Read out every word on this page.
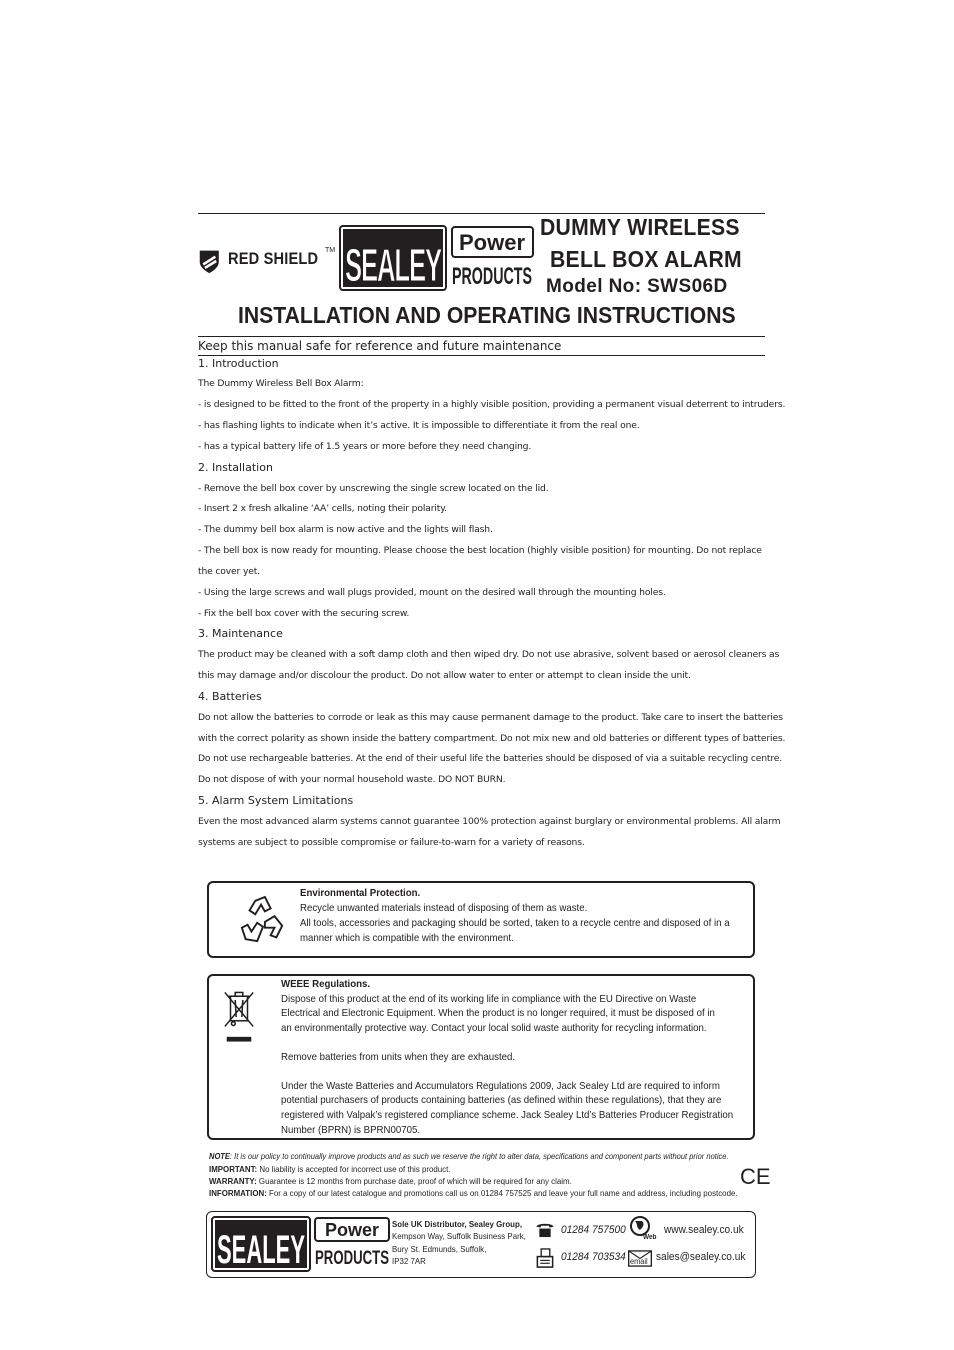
RED SHIELD TM SEALEY Power
PRODUCTS
DUMMY WIRELESS
BELL BOX ALARM
Model No: SWS06D
INSTALLATION AND OPERATING INSTRUCTIONS
Keep this manual safe for reference and future maintenance
1. Introduction
The Dummy Wireless Bell Box Alarm:
- is designed to be fitted to the front of the property in a highly visible position, providing a permanent visual deterrent to intruders.
- has flashing lights to indicate when it’s active. It is impossible to differentiate it from the real one.
- has a typical battery life of 1.5 years or more before they need changing.
2. Installation
- Remove the bell box cover by unscrewing the single screw located on the lid.
- Insert 2 x fresh alkaline ‘AA’ cells, noting their polarity.
- The dummy bell box alarm is now active and the lights will flash.
- The bell box is now ready for mounting. Please choose the best location (highly visible position) for mounting. Do not replace
the cover yet.
- Using the large screws and wall plugs provided, mount on the desired wall through the mounting holes.
- Fix the bell box cover with the securing screw.
3. Maintenance
The product may be cleaned with a soft damp cloth and then wiped dry. Do not use abrasive, solvent based or aerosol cleaners as
this may damage and/or discolour the product. Do not allow water to enter or attempt to clean inside the unit.
4. Batteries
Do not allow the batteries to corrode or leak as this may cause permanent damage to the product. Take care to insert the batteries
with the correct polarity as shown inside the battery compartment. Do not mix new and old batteries or different types of batteries.
Do not use rechargeable batteries. At the end of their useful life the batteries should be disposed of via a suitable recycling centre.
Do not dispose of with your normal household waste. DO NOT BURN.
5. Alarm System Limitations
Even the most advanced alarm systems cannot guarantee 100% protection against burglary or environmental problems. All alarm
systems are subject to possible compromise or failure-to-warn for a variety of reasons.
Environmental Protection.
Recycle unwanted materials instead of disposing of them as waste.
All tools, accessories and packaging should be sorted, taken to a recycle centre and disposed of in a
manner which is compatible with the environment.
WEEE Regulations.
Dispose of this product at the end of its working life in compliance with the EU Directive on Waste
Electrical and Electronic Equipment. When the product is no longer required, it must be disposed of in
an environmentally protective way. Contact your local solid waste authority for recycling information.
Remove batteries from units when they are exhausted.
Under the Waste Batteries and Accumulators Regulations 2009, Jack Sealey Ltd are required to inform
potential purchasers of products containing batteries (as defined within these regulations), that they are
registered with Valpak’s registered compliance scheme. Jack Sealey Ltd’s Batteries Producer Registration
Number (BPRN) is BPRN00705.
NOTE: It is our policy to continually improve products and as such we reserve the right to alter data, specifications and component parts without prior notice.
IMPORTANT: No liability is accepted for incorrect use of this product.
WARRANTY: Guarantee is 12 months from purchase date, proof of which will be required for any claim.
INFORMATION: For a copy of our latest catalogue and promotions call us on 01284 757525 and leave your full name and address, including postcode.
CE
SEALEY Power
PRODUCTS
Sole UK Distributor, Sealey Group,
Kempson Way, Suffolk Business Park,
Bury St. Edmunds, Suffolk,
IP32 7AR
01284 757500
Web
www.sealey.co.uk
01284 703534 email sales@sealey.co.uk
